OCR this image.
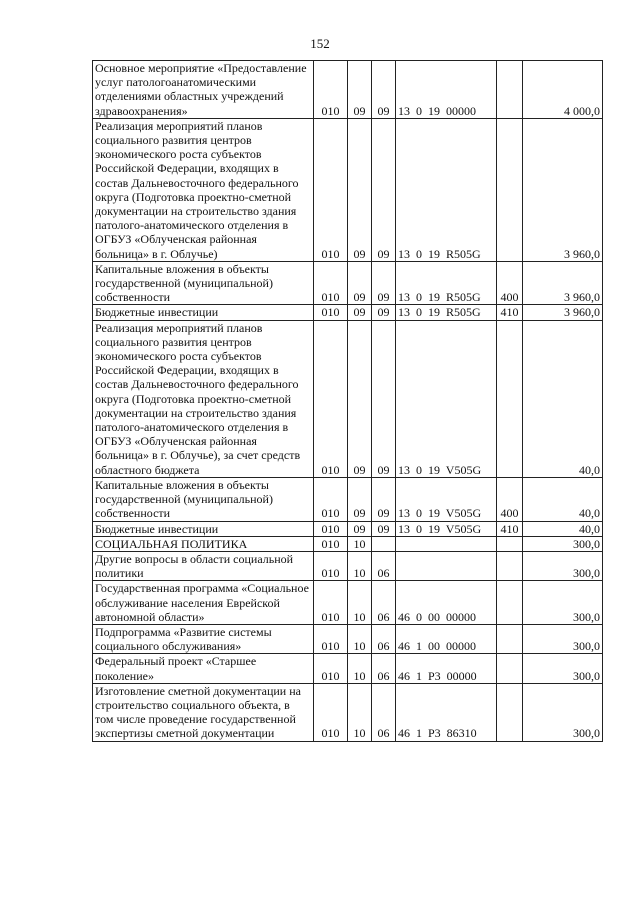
152
Основное мероприятие «Предоставление услуг патологоанатомическими отделениями областных учреждений здравоохранения»	010	09	09	13 0 19 00000		4 000,0
Реализация мероприятий планов социального развития центров экономического роста субъектов Российской Федерации, входящих в состав Дальневосточного федерального округа (Подготовка проектно-сметной документации на строительство здания патолого-анатомического отделения в ОГБУЗ «Облученская районная больница» в г. Облучье)	010	09	09	13 0 19 R505G		3 960,0
Капитальные вложения в объекты государственной (муниципальной) собственности	010	09	09	13 0 19 R505G	400	3 960,0
Бюджетные инвестиции	010	09	09	13 0 19 R505G	410	3 960,0
Реализация мероприятий планов социального развития центров экономического роста субъектов Российской Федерации, входящих в состав Дальневосточного федерального округа (Подготовка проектно-сметной документации на строительство здания патолого-анатомического отделения в ОГБУЗ «Облученская районная больница» в г. Облучье), за счет средств областного бюджета	010	09	09	13 0 19 V505G		40,0
Капитальные вложения в объекты государственной (муниципальной) собственности	010	09	09	13 0 19 V505G	400	40,0
Бюджетные инвестиции	010	09	09	13 0 19 V505G	410	40,0
СОЦИАЛЬНАЯ ПОЛИТИКА	010	10				300,0
Другие вопросы в области социальной политики	010	10	06			300,0
Государственная программа «Социальное обслуживание населения Еврейской автономной области»	010	10	06	46 0 00 00000		300,0
Подпрограмма «Развитие системы социального обслуживания»	010	10	06	46 1 00 00000		300,0
Федеральный проект «Старшее поколение»	010	10	06	46 1 P3 00000		300,0
Изготовление сметной документации на строительство социального объекта, в том числе проведение государственной экспертизы сметной документации	010	10	06	46 1 P3 86310		300,0
